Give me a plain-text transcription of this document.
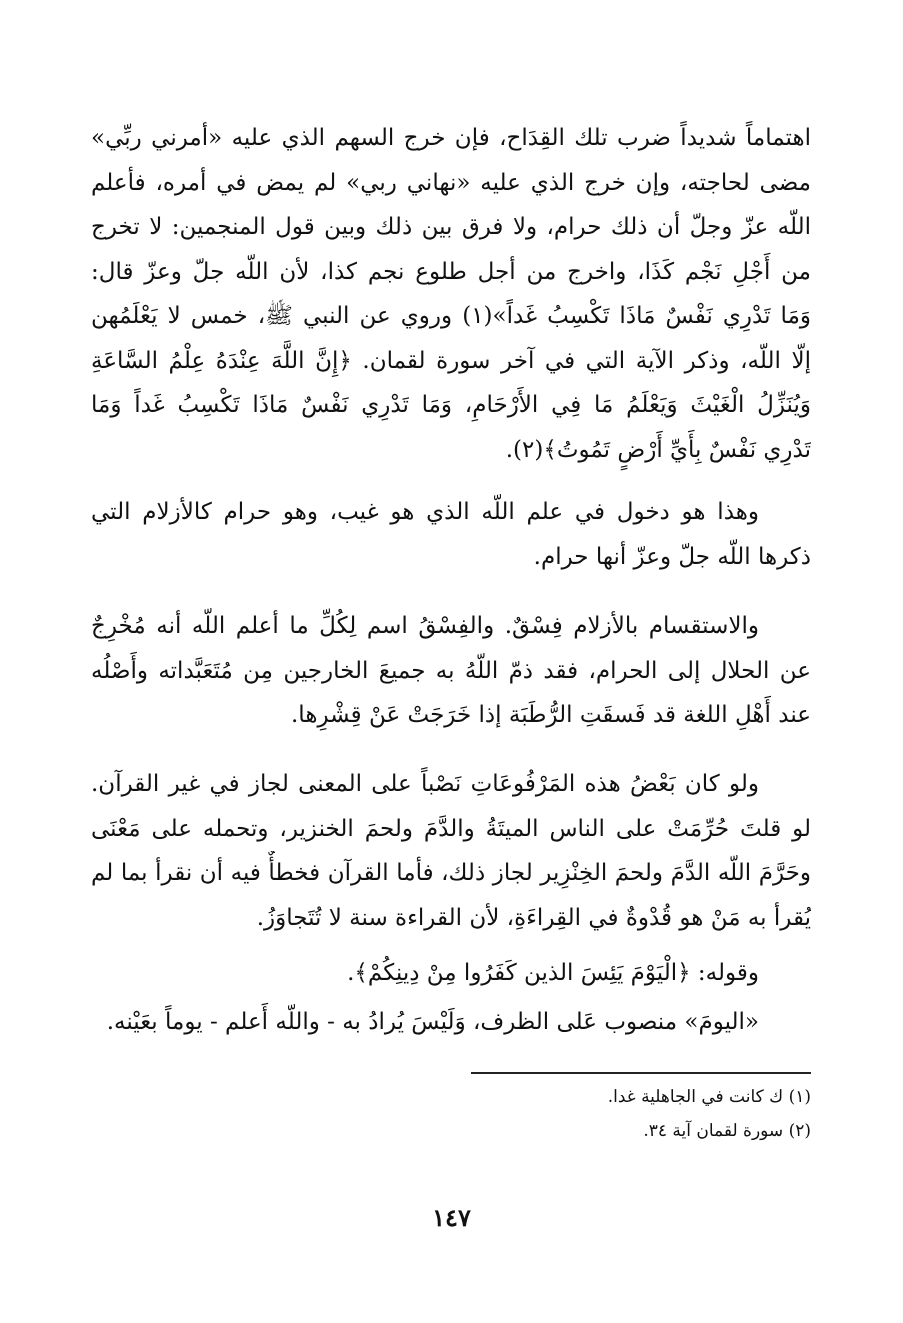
اهتماماً شديداً ضرب تلك القِدَاح، فإن خرج السهم الذي عليه «أمرني ربِّي»
مضى لحاجته، وإن خرج الذي عليه «نهاني ربي» لم يمض في أمره، فأعلم
اللّه عزّ وجلّ أن ذلك حرام، ولا فرق بين ذلك وبين قول المنجمين: لا تخرج
من أَجْلِ نَجْم كَذَا، واخرج من أجل طلوع نجم كذا، لأن اللّه جلّ وعزّ قال:
وَمَا تَدْرِي نَفْسٌ مَاذَا تَكْسِبُ غَداً»(١) وروي عن النبي ﷺ، خمس لا يَعْلَمُهن
إلّا اللّه، وذكر الآية التي في آخر سورة لقمان. ﴿إِنَّ اللَّهَ عِنْدَهُ عِلْمُ السَّاعَةِ
وَيُنَزِّلُ الْغَيْثَ وَيَعْلَمُ مَا فِي الأَرْحَامِ، وَمَا تَدْرِي نَفْسٌ مَاذَا تَكْسِبُ غَداً وَمَا
تَدْرِي نَفْسٌ بِأَيِّ أَرْضٍ تَمُوتُ﴾(٢).
وهذا هو دخول في علم اللّه الذي هو غيب، وهو حرام كالأزلام التي
ذكرها اللّه جلّ وعزّ أنها حرام.
والاستقسام بالأزلام فِسْقٌ. والفِسْقُ اسم لِكُلِّ ما أعلم اللّه أنه مُخْرِجٌ
عن الحلال إلى الحرام، فقد ذمّ اللّهُ به جميعَ الخارجين مِن مُتَعَبَّداته وأَصْلُه
عند أَهْلِ اللغة قد فَسقَتِ الرُّطَبَة إذا خَرَجَتْ عَنْ قِشْرِها.
ولو كان بَعْضُ هذه المَرْفُوعَاتِ نَصْباً على المعنى لجاز في غير القرآن.
لو قلتَ حُرِّمَتْ على الناس الميتَةُ والدَّمَ ولحمَ الخنزير، وتحمله على مَعْنَى
وحَرَّمَ اللّه الدَّمَ ولحمَ الخِنْزِير لجاز ذلك، فأما القرآن فخطأٌ فيه أن نقرأ بما لم
يُقرأ به مَنْ هو قُدْوةٌ في القِراءَةِ، لأن القراءة سنة لا تُتَجاوَزُ.
وقوله: ﴿الْيَوْمَ يَئِسَ الذين كَفَرُوا مِنْ دِينِكُمْ﴾.
«اليومَ» منصوب عَلى الظرف، وَلَيْسَ يُرادُ به - واللّه أَعلم - يوماً بعَيْنه.
(١) ك كانت في الجاهلية غدا.
(٢) سورة لقمان آية ٣٤.
١٤٧
